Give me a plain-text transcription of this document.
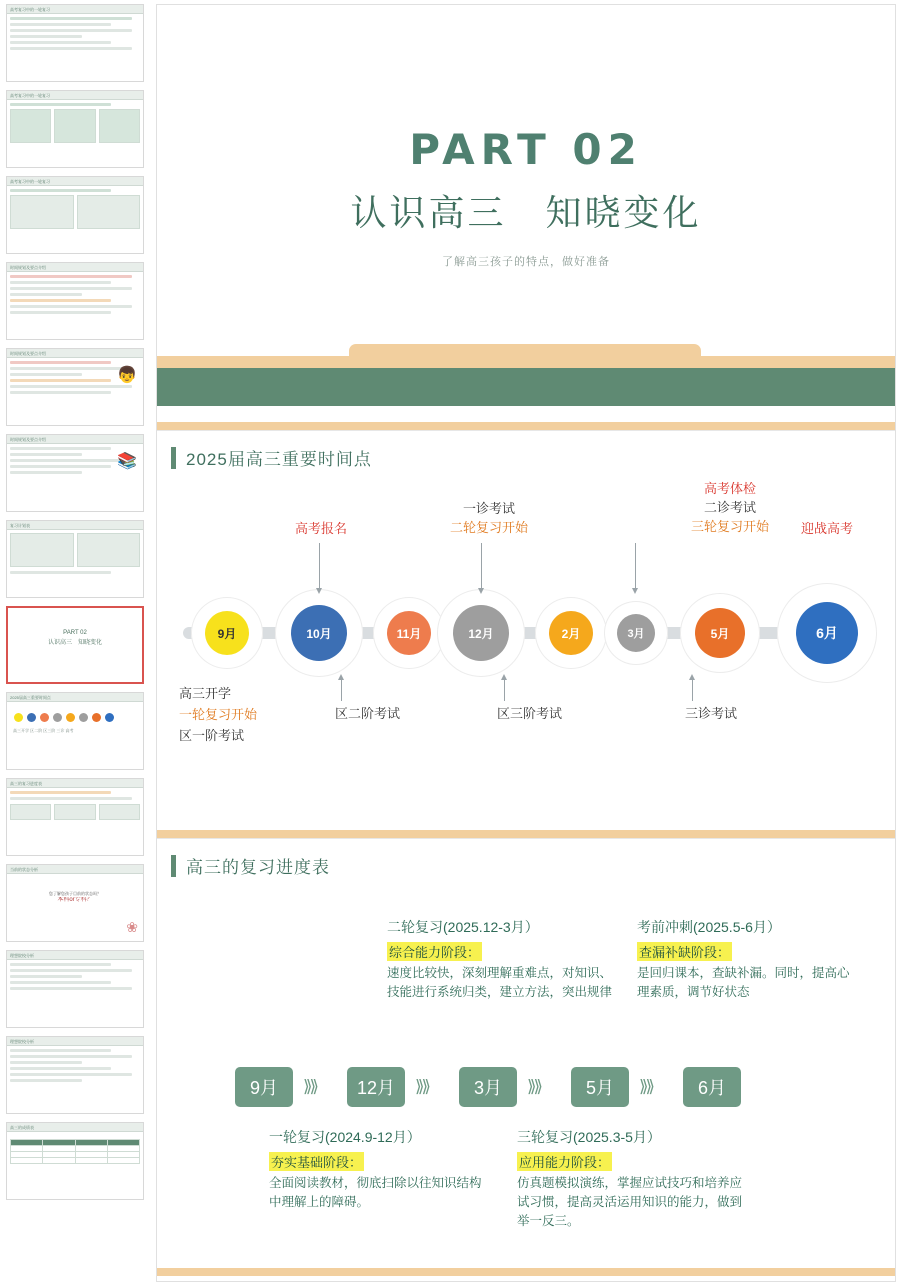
高考复习中的一轮复习
高考复习中的一轮复习
高考复习中的一轮复习
时间规划及要点介绍
时间规划及要点介绍
👦
时间规划及要点介绍
📚
复习计划表
PART 02
认识高三　知晓变化
2025届高三重要时间点
高三开学 区二阶 区三阶 三诊 高考
高三的复习进度表
当前的状态分析
您了解您孩子目前的状态吗？
本科or专科？
❀
理想院校分析
理想院校分析
高三的成绩表

PART 02
认识高三　知晓变化
了解高三孩子的特点，做好准备
2025届高三重要时间点
9月	10月	11月	12月	2月	3月	5月	6月
高考报名
一诊考试
二轮复习开始
高考体检
二诊考试
三轮复习开始	迎战高考
高三开学
一轮复习开始
区一阶考试
区二阶考试	区三阶考试	三诊考试
高三的复习进度表
二轮复习(2025.12-3月）
综合能力阶段：
速度比较快，深刻理解重难点，对知识、技能进行系统归类，建立方法，突出规律
考前冲刺(2025.5-6月）
查漏补缺阶段：
是回归课本，查缺补漏。同时，提高心理素质，调节好状态
9月	⟫⟫	12月	⟫⟫	3月	⟫⟫	5月	⟫⟫	6月
一轮复习(2024.9-12月）
夯实基础阶段：
全面阅读教材，彻底扫除以往知识结构中理解上的障碍。
三轮复习(2025.3-5月）
应用能力阶段：
仿真题模拟演练，掌握应试技巧和培养应试习惯，提高灵活运用知识的能力，做到举一反三。
